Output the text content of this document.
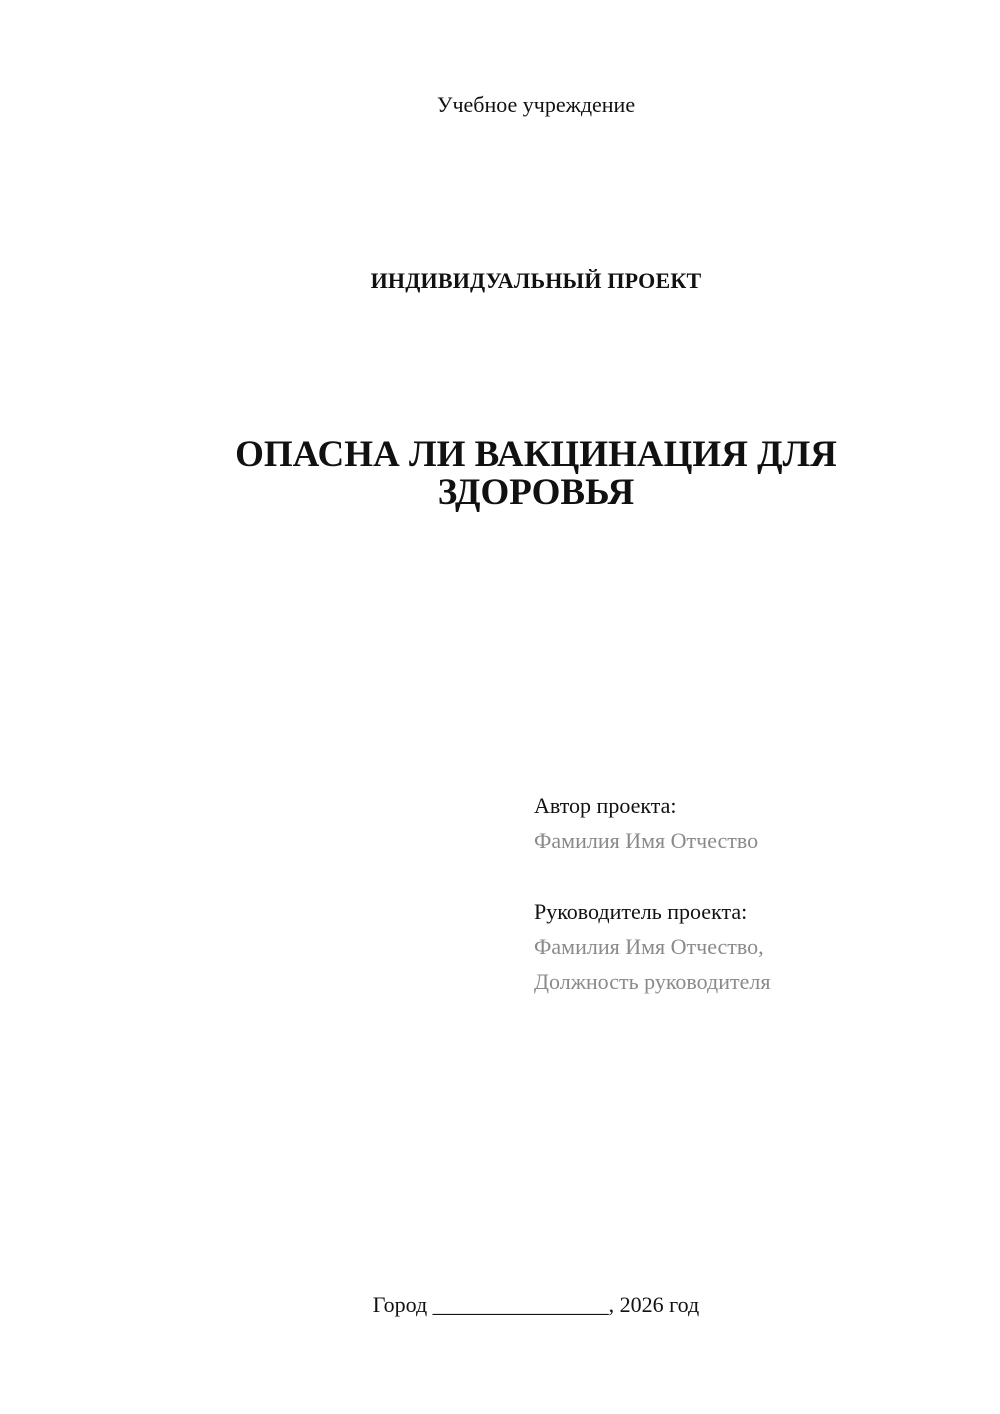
Учебное учреждение
ИНДИВИДУАЛЬНЫЙ ПРОЕКТ
ОПАСНА ЛИ ВАКЦИНАЦИЯ ДЛЯ
ЗДОРОВЬЯ
Автор проекта:
Фамилия Имя Отчество
Руководитель проекта:
Фамилия Имя Отчество,
Должность руководителя
Город ________________, 2026 год
